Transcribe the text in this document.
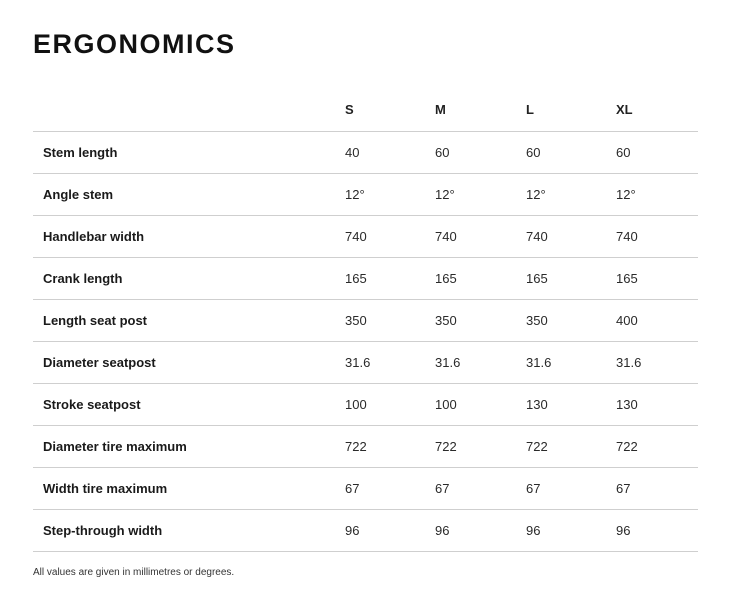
ERGONOMICS
	S	M	L	XL
Stem length	40	60	60	60
Angle stem	12°	12°	12°	12°
Handlebar width	740	740	740	740
Crank length	165	165	165	165
Length seat post	350	350	350	400
Diameter seatpost	31.6	31.6	31.6	31.6
Stroke seatpost	100	100	130	130
Diameter tire maximum	722	722	722	722
Width tire maximum	67	67	67	67
Step-through width	96	96	96	96

All values are given in millimetres or degrees.
